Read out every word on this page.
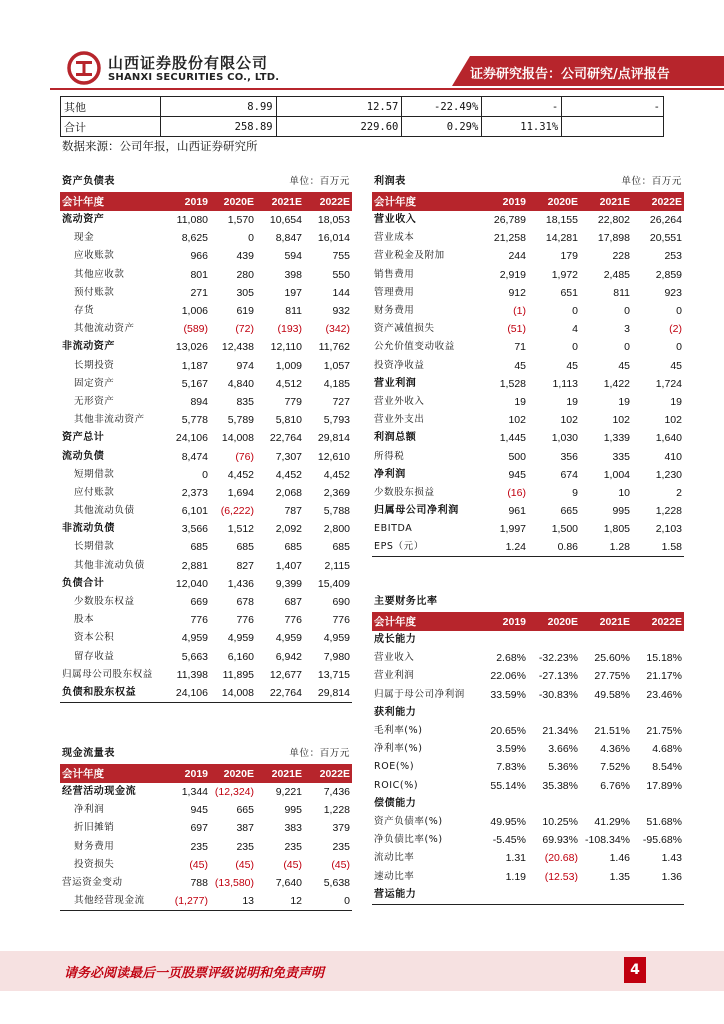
山西证券股份有限公司
SHANXI SECURITIES CO., LTD.	证券研究报告：公司研究/点评报告
其他	8.99	12.57	-22.49%	-	-
合计	258.89	229.60	0.29%	11.31%	
数据来源：公司年报，山西证券研究所
资产负债表			单位：百万元	
会计年度	2019	2020E	2021E	2022E
流动资产	11,080	1,570	10,654	18,053
现金	8,625	0	8,847	16,014
应收账款	966	439	594	755
其他应收款	801	280	398	550
预付账款	271	305	197	144
存货	1,006	619	811	932
其他流动资产	(589)	(72)	(193)	(342)
非流动资产	13,026	12,438	12,110	11,762
长期投资	1,187	974	1,009	1,057
固定资产	5,167	4,840	4,512	4,185
无形资产	894	835	779	727
其他非流动资产	5,778	5,789	5,810	5,793
资产总计	24,106	14,008	22,764	29,814
流动负债	8,474	(76)	7,307	12,610
短期借款	0	4,452	4,452	4,452
应付账款	2,373	1,694	2,068	2,369
其他流动负债	6,101	(6,222)	787	5,788
非流动负债	3,566	1,512	2,092	2,800
长期借款	685	685	685	685
其他非流动负债	2,881	827	1,407	2,115
负债合计	12,040	1,436	9,399	15,409
少数股东权益	669	678	687	690
股本	776	776	776	776
资本公积	4,959	4,959	4,959	4,959
留存收益	5,663	6,160	6,942	7,980
归属母公司股东权益	11,398	11,895	12,677	13,715
负债和股东权益	24,106	14,008	22,764	29,814
利润表			单位：百万元	
会计年度	2019	2020E	2021E	2022E
营业收入	26,789	18,155	22,802	26,264
营业成本	21,258	14,281	17,898	20,551
营业税金及附加	244	179	228	253
销售费用	2,919	1,972	2,485	2,859
管理费用	912	651	811	923
财务费用	(1)	0	0	0
资产减值损失	(51)	4	3	(2)
公允价值变动收益	71	0	0	0
投资净收益	45	45	45	45
营业利润	1,528	1,113	1,422	1,724
营业外收入	19	19	19	19
营业外支出	102	102	102	102
利润总额	1,445	1,030	1,339	1,640
所得税	500	356	335	410
净利润	945	674	1,004	1,230
少数股东损益	(16)	9	10	2
归属母公司净利润	961	665	995	1,228
EBITDA	1,997	1,500	1,805	2,103
EPS（元）	1.24	0.86	1.28	1.58
主要财务比率				
会计年度	2019	2020E	2021E	2022E
成长能力				
营业收入	2.68%	-32.23%	25.60%	15.18%
营业利润	22.06%	-27.13%	27.75%	21.17%
归属于母公司净利润	33.59%	-30.83%	49.58%	23.46%
获利能力				
毛利率(%)	20.65%	21.34%	21.51%	21.75%
净利率(%)	3.59%	3.66%	4.36%	4.68%
ROE(%)	7.83%	5.36%	7.52%	8.54%
ROIC(%)	55.14%	35.38%	6.76%	17.89%
偿债能力				
资产负债率(%)	49.95%	10.25%	41.29%	51.68%
净负债比率(%)	-5.45%	69.93%	-108.34%	-95.68%
流动比率	1.31	(20.68)	1.46	1.43
速动比率	1.19	(12.53)	1.35	1.36
营运能力				
现金流量表			单位：百万元	
会计年度	2019	2020E	2021E	2022E
经营活动现金流	1,344	(12,324)	9,221	7,436
净利润	945	665	995	1,228
折旧摊销	697	387	383	379
财务费用	235	235	235	235
投资损失	(45)	(45)	(45)	(45)
营运资金变动	788	(13,580)	7,640	5,638
其他经营现金流	(1,277)	13	12	0
请务必阅读最后一页股票评级说明和免责声明	4
